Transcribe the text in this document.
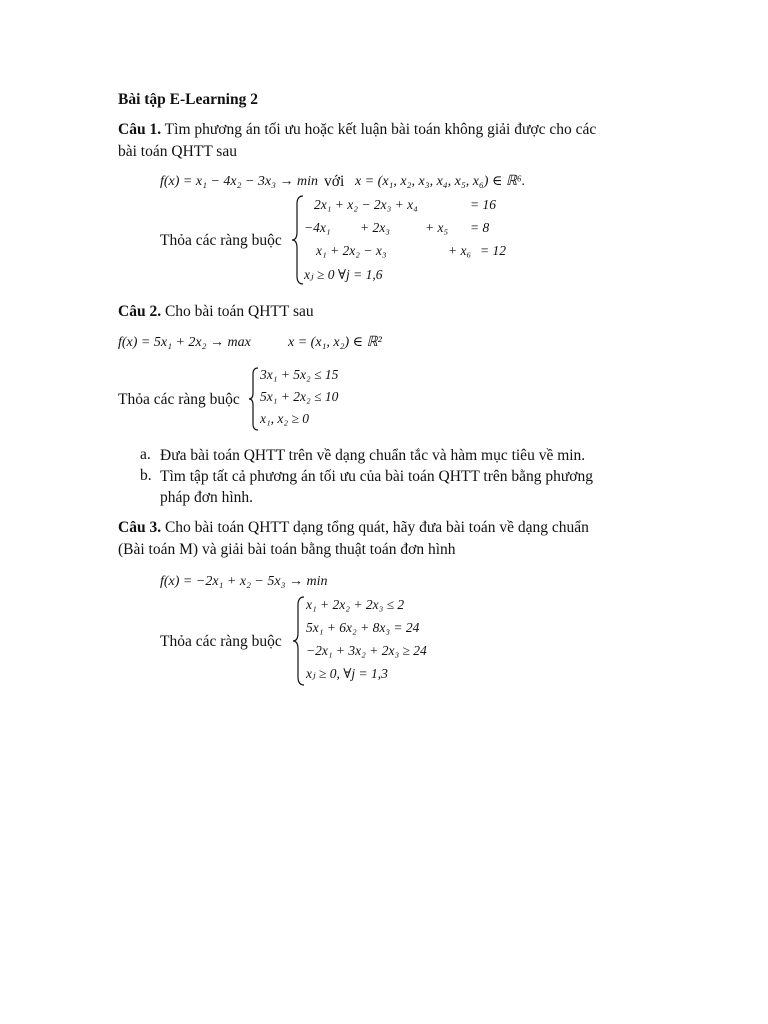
Bài tập E-Learning 2
Câu 1. Tìm phương án tối ưu hoặc kết luận bài toán không giải được cho các
bài toán QHTT sau
f(x) = x₁ − 4x₂ − 3x₃ → min với x = (x₁, x₂, x₃, x₄, x₅, x₆) ∈ ℝ⁶.
Thỏa các ràng buộc
2x₁ + x₂ − 2x₃ + x₄	= 16
−4x₁ + 2x₃	+ x₅ = 8
x₁ + 2x₂ − x₃	+ x₆ = 12
xⱼ ≥ 0 ∀j = 1,6
Câu 2. Cho bài toán QHTT sau
f(x) = 5x₁ + 2x₂ → max	x = (x₁, x₂) ∈ ℝ²
Thỏa các ràng buộc
3x₁ + 5x₂ ≤ 15
5x₁ + 2x₂ ≤ 10
x₁, x₂ ≥ 0
a. Đưa bài toán QHTT trên về dạng chuẩn tắc và hàm mục tiêu về min.
b. Tìm tập tất cả phương án tối ưu của bài toán QHTT trên bằng phương
pháp đơn hình.
Câu 3. Cho bài toán QHTT dạng tổng quát, hãy đưa bài toán về dạng chuẩn
(Bài toán M) và giải bài toán bằng thuật toán đơn hình
f(x) = −2x₁ + x₂ − 5x₃ → min
Thỏa các ràng buộc
x₁ + 2x₂ + 2x₃ ≤ 2
5x₁ + 6x₂ + 8x₃ = 24
−2x₁ + 3x₂ + 2x₃ ≥ 24
xⱼ ≥ 0, ∀j = 1,3
